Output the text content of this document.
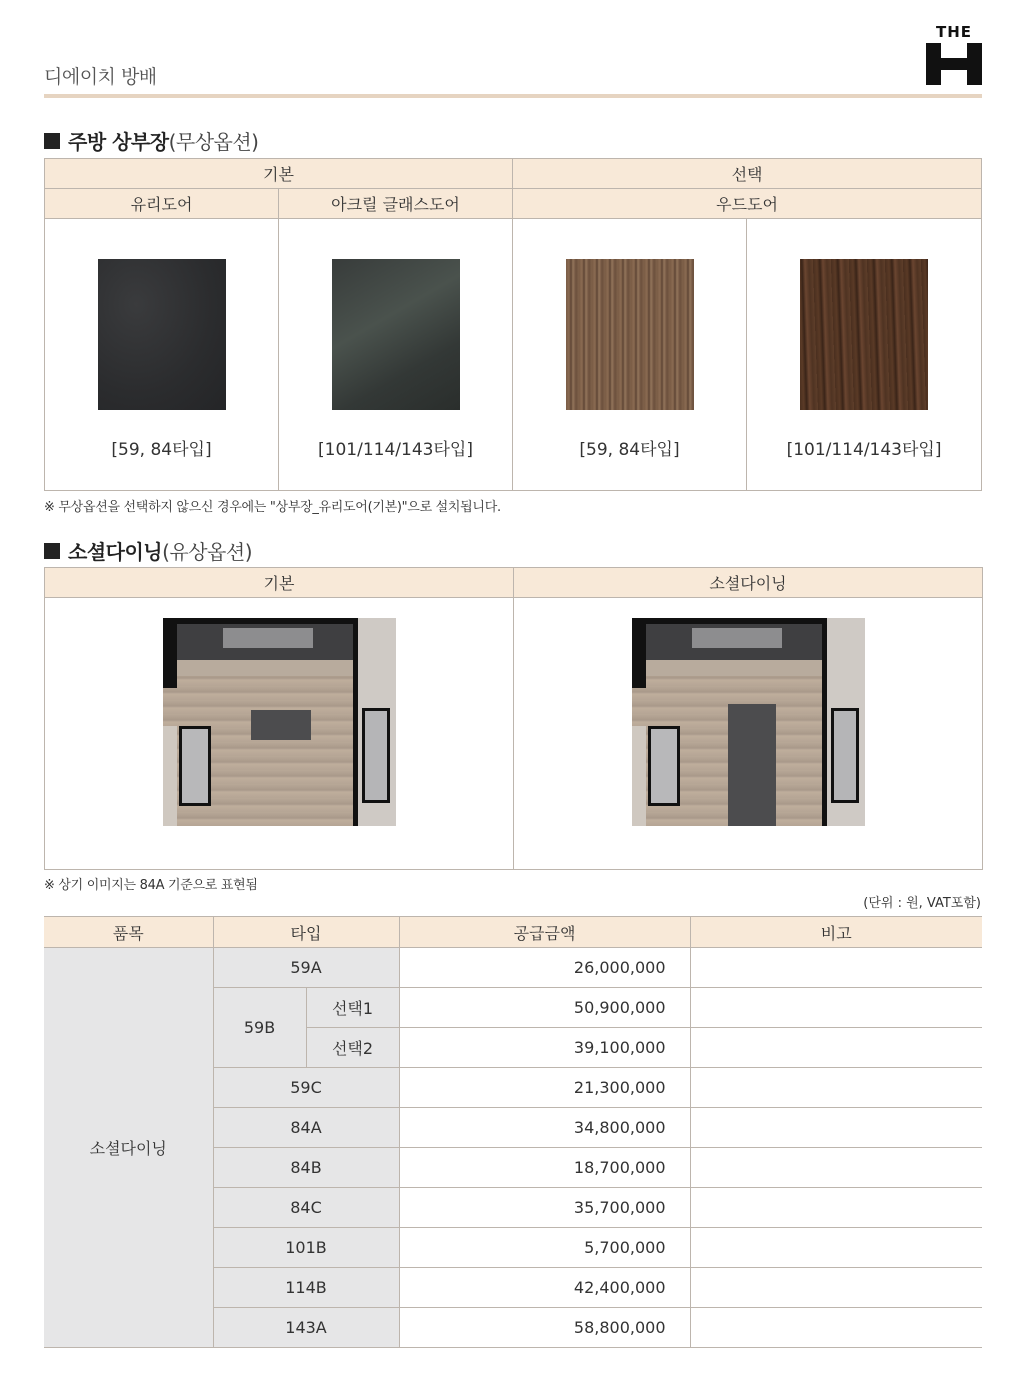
디에이치 방배
THE
주방 상부장 (무상옵션)
기본		선택	
유리도어	아크릴 글래스도어	우드도어	

[59, 84타입]	[101/114/143타입]	[59, 84타입]	[101/114/143타입]
※ 무상옵션을 선택하지 않으신 경우에는 "상부장_유리도어(기본)"으로 설치됩니다.
소셜다이닝 (유상옵션)
기본	소셜다이닝

※ 상기 이미지는 84A 기준으로 표현됨
(단위 : 원, VAT포함)
품목	타입		공급금액	비고
소셜다이닝	59A		26,000,000	
	59B	선택1	50,900,000	
		선택2	39,100,000	
	59C		21,300,000	
	84A		34,800,000	
	84B		18,700,000	
	84C		35,700,000	
	101B		5,700,000	
	114B		42,400,000	
	143A		58,800,000	
